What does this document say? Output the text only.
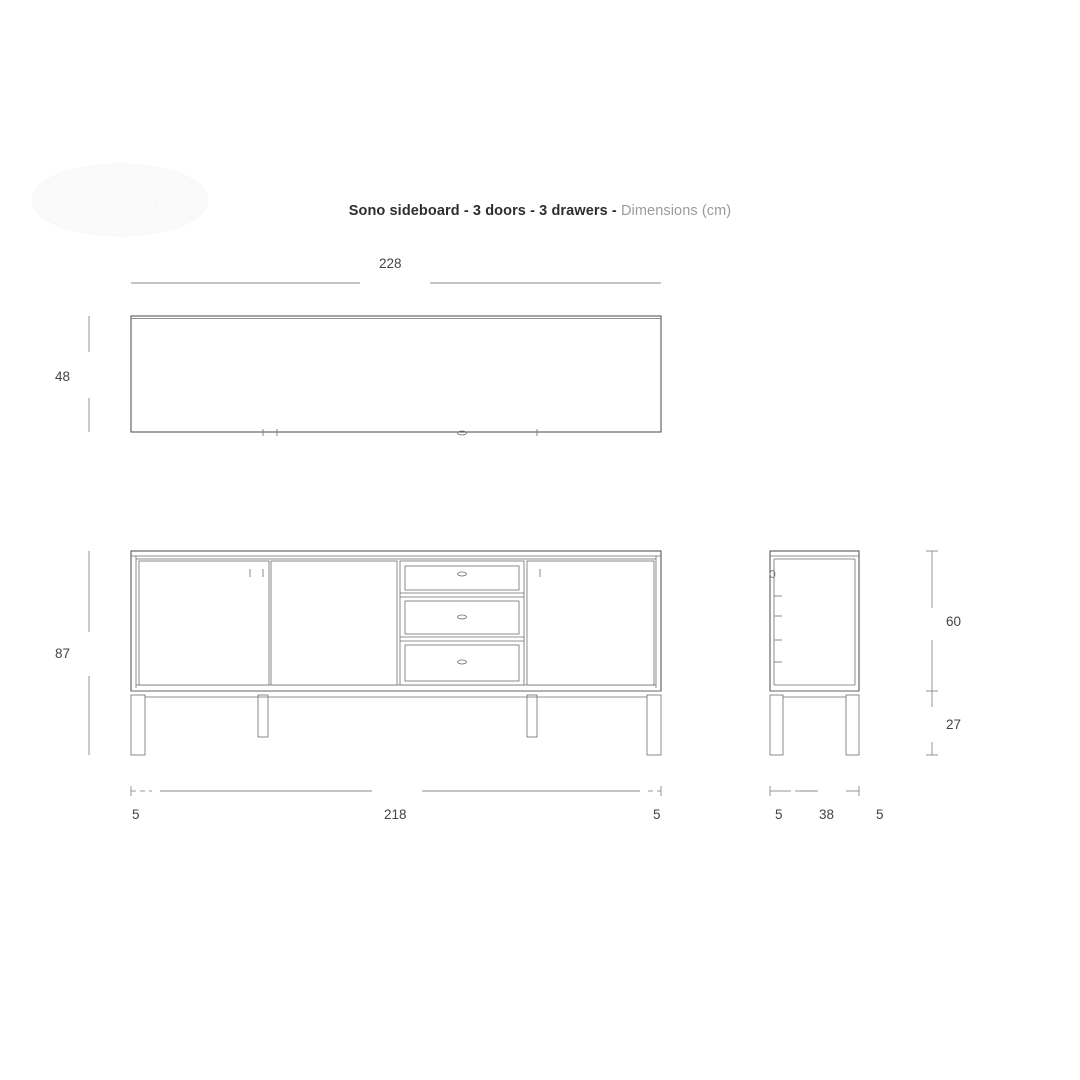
Sono sideboard - 3 doors - 3 drawers - Dimensions (cm)
228
48
87
5	218	5
60
27
5	38	5
